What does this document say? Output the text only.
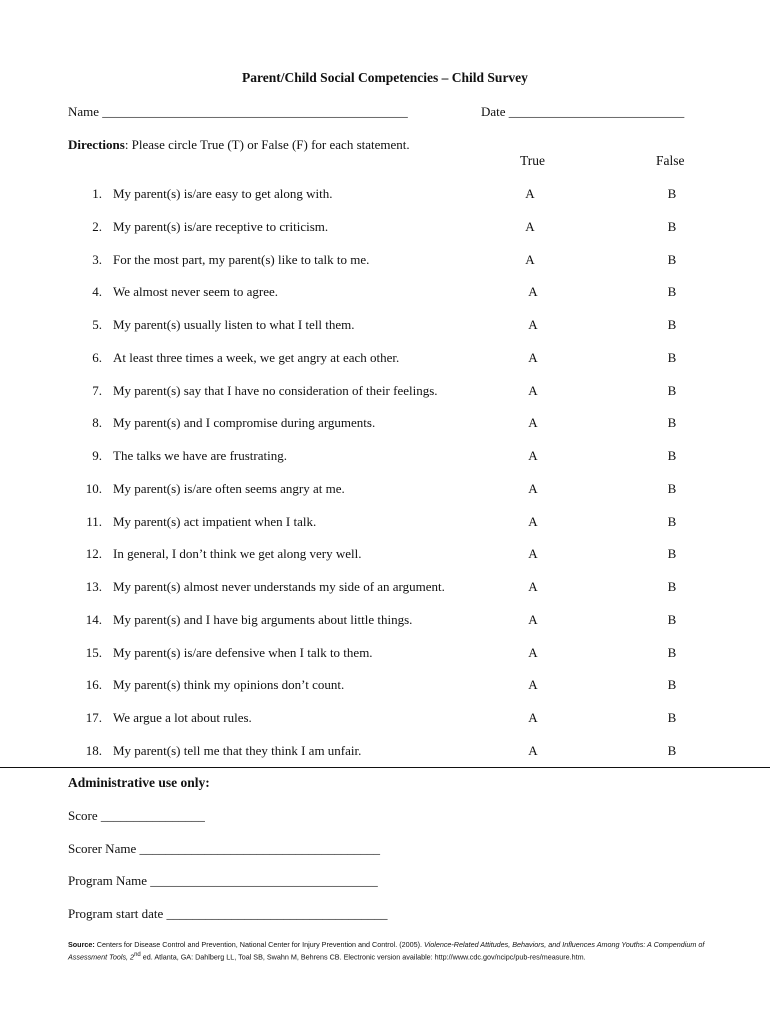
Parent/Child Social Competencies – Child Survey
Name _______________________________________________	Date ___________________________
Directions: Please circle True (T) or False (F) for each statement.
True	False
1. My parent(s) is/are easy to get along with.	A	B
2. My parent(s) is/are receptive to criticism.	A	B
3. For the most part, my parent(s) like to talk to me.	A	B
4. We almost never seem to agree.	A	B
5. My parent(s) usually listen to what I tell them.	A	B
6. At least three times a week, we get angry at each other.	A	B
7. My parent(s) say that I have no consideration of their feelings.	A	B
8. My parent(s) and I compromise during arguments.	A	B
9. The talks we have are frustrating.	A	B
10. My parent(s) is/are often seems angry at me.	A	B
11. My parent(s) act impatient when I talk.	A	B
12. In general, I don’t think we get along very well.	A	B
13. My parent(s) almost never understands my side of an argument.	A	B
14. My parent(s) and I have big arguments about little things.	A	B
15. My parent(s) is/are defensive when I talk to them.	A	B
16. My parent(s) think my opinions don’t count.	A	B
17. We argue a lot about rules.	A	B
18. My parent(s) tell me that they think I am unfair.	A	B
Administrative use only:
Score ________________
Scorer Name _____________________________________
Program Name ___________________________________
Program start date __________________________________
Source: Centers for Disease Control and Prevention, National Center for Injury Prevention and Control. (2005). Violence-Related Attitudes, Behaviors, and Influences Among Youths: A Compendium of Assessment Tools, 2nd ed. Atlanta, GA: Dahlberg LL, Toal SB, Swahn M, Behrens CB. Electronic version available: http://www.cdc.gov/ncipc/pub-res/measure.htm.
